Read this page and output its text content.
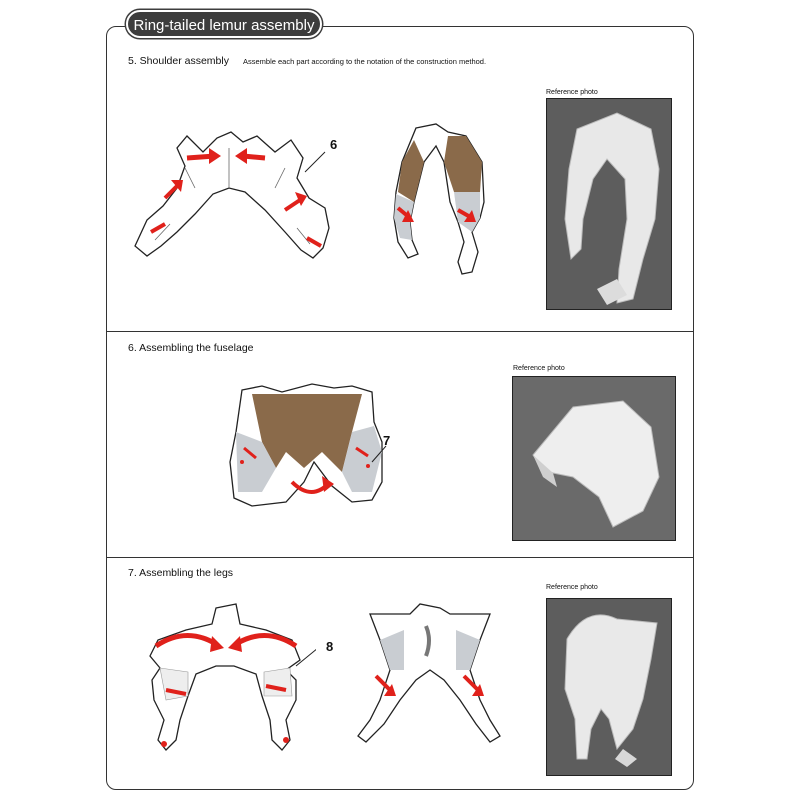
Ring-tailed lemur assembly
5. Shoulder assembly Assemble each part according to the notation of the construction method.
6
Reference photo
6. Assembling the fuselage
7
Reference photo
7. Assembling the legs
8
Reference photo
